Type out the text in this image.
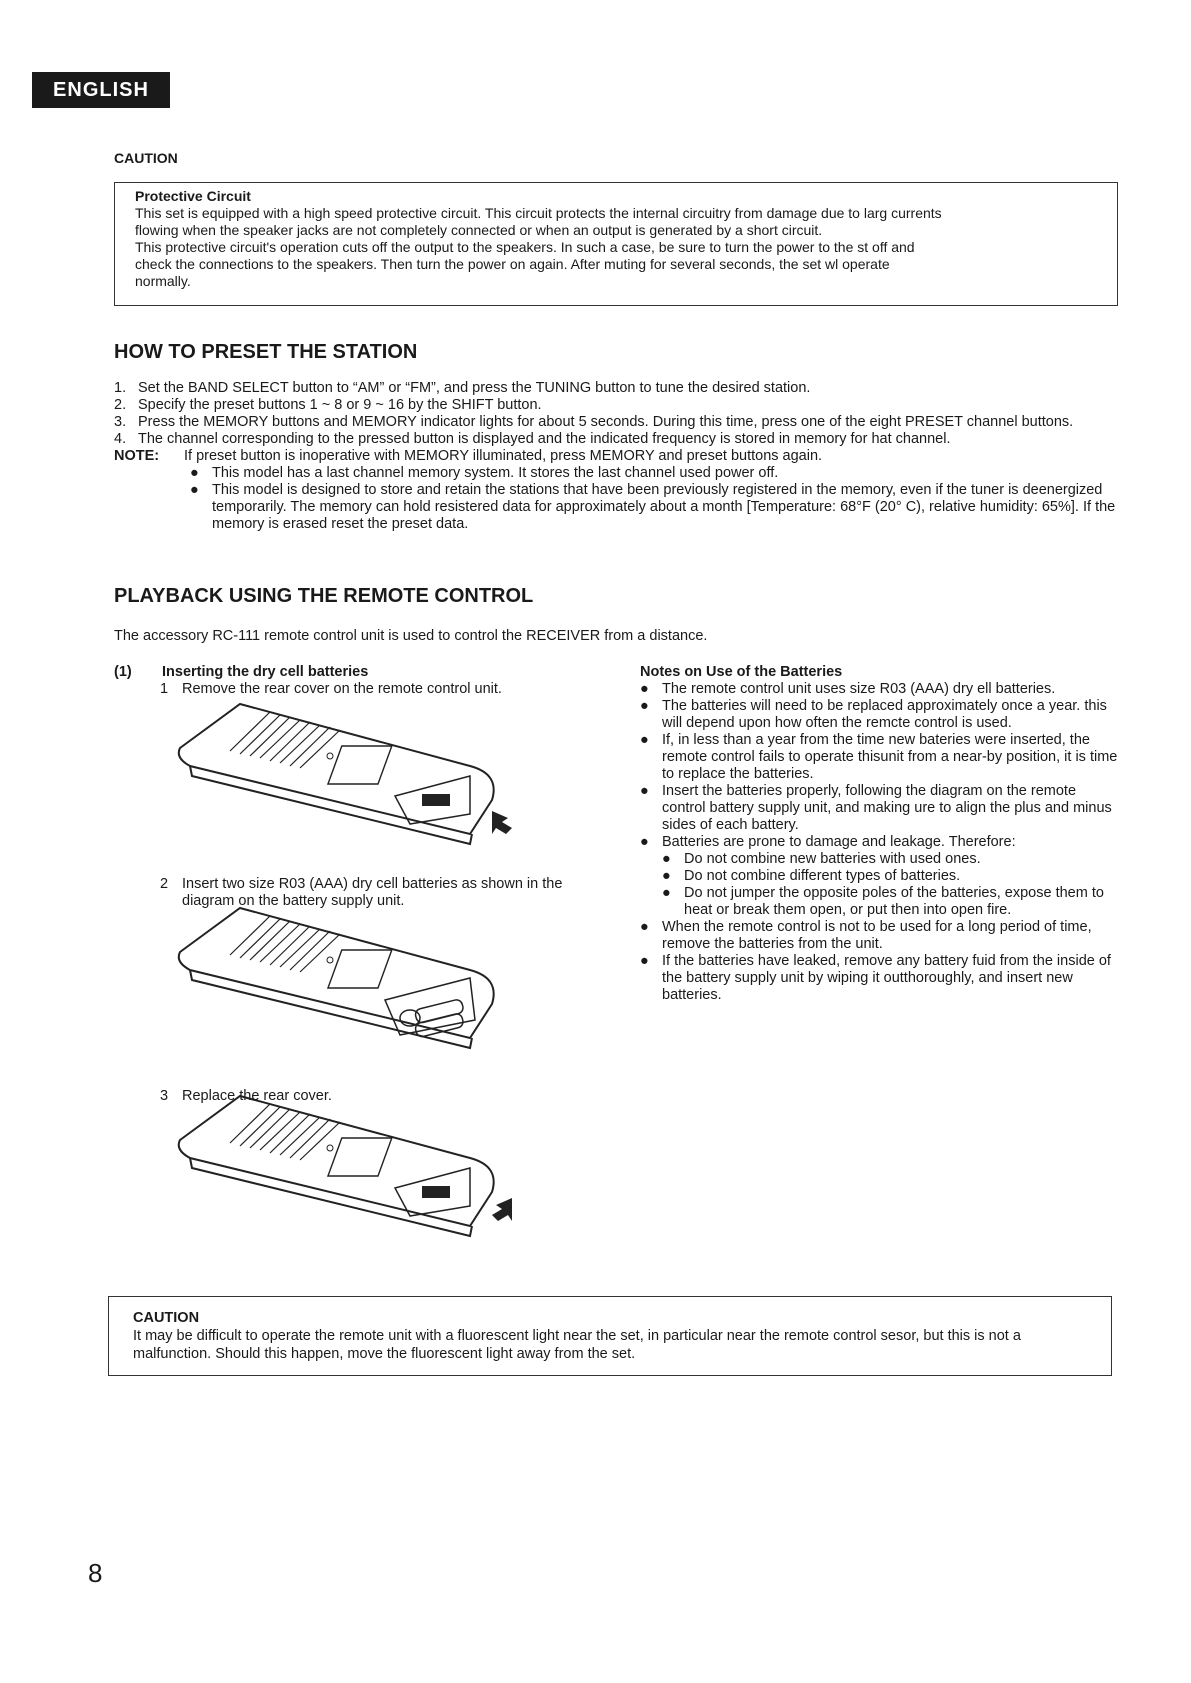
ENGLISH
CAUTION
Protective Circuit
This set is equipped with a high speed protective circuit. This circuit protects the internal circuitry from damage due to larg currents
flowing when the speaker jacks are not completely connected or when an output is generated by a short circuit.
This protective circuit's operation cuts off the output to the speakers. In such a case, be sure to turn the power to the st off and
check the connections to the speakers. Then turn the power on again. After muting for several seconds, the set wl operate
normally.
HOW TO PRESET THE STATION
1. Set the BAND SELECT button to “AM” or “FM”, and press the TUNING button to tune the desired station.
2. Specify the preset buttons 1 ~ 8 or 9 ~ 16 by the SHIFT button.
3. Press the MEMORY buttons and MEMORY indicator lights for about 5 seconds. During this time, press one of the eight PRESET channel buttons.
4. The channel corresponding to the pressed button is displayed and the indicated frequency is stored in memory for hat channel.
NOTE:	If preset button is inoperative with MEMORY illuminated, press MEMORY and preset buttons again.
● This model has a last channel memory system. It stores the last channel used power off.
● This model is designed to store and retain the stations that have been previously registered in the memory, even if the tuner is deenergized temporarily. The memory can hold resistered data for approximately about a month [Temperature: 68°F (20° C), relative humidity: 65%]. If the memory is erased reset the preset data.
PLAYBACK USING THE REMOTE CONTROL
The accessory RC-111 remote control unit is used to control the RECEIVER from a distance.
(1)	Inserting the dry cell batteries
1 Remove the rear cover on the remote control unit.
2 Insert two size R03 (AAA) dry cell batteries as shown in the diagram on the battery supply unit.
3 Replace the rear cover.
Notes on Use of the Batteries
● The remote control unit uses size R03 (AAA) dry ell batteries.
● The batteries will need to be replaced approximately once a year. this will depend upon how often the remcte control is used.
● If, in less than a year from the time new bateries were inserted, the remote control fails to operate thisunit from a near-by position, it is time to replace the batteries.
● Insert the batteries properly, following the diagram on the remote control battery supply unit, and making ure to align the plus and minus sides of each battery.
● Batteries are prone to damage and leakage. Therefore:
● Do not combine new batteries with used ones.
● Do not combine different types of batteries.
● Do not jumper the opposite poles of the batteries, expose them to heat or break them open, or put then into open fire.
● When the remote control is not to be used for a long period of time, remove the batteries from the unit.
● If the batteries have leaked, remove any battery fuid from the inside of the battery supply unit by wiping it outthoroughly, and insert new batteries.
CAUTION
It may be difficult to operate the remote unit with a fluorescent light near the set, in particular near the remote control sesor, but this is not a malfunction. Should this happen, move the fluorescent light away from the set.
8
